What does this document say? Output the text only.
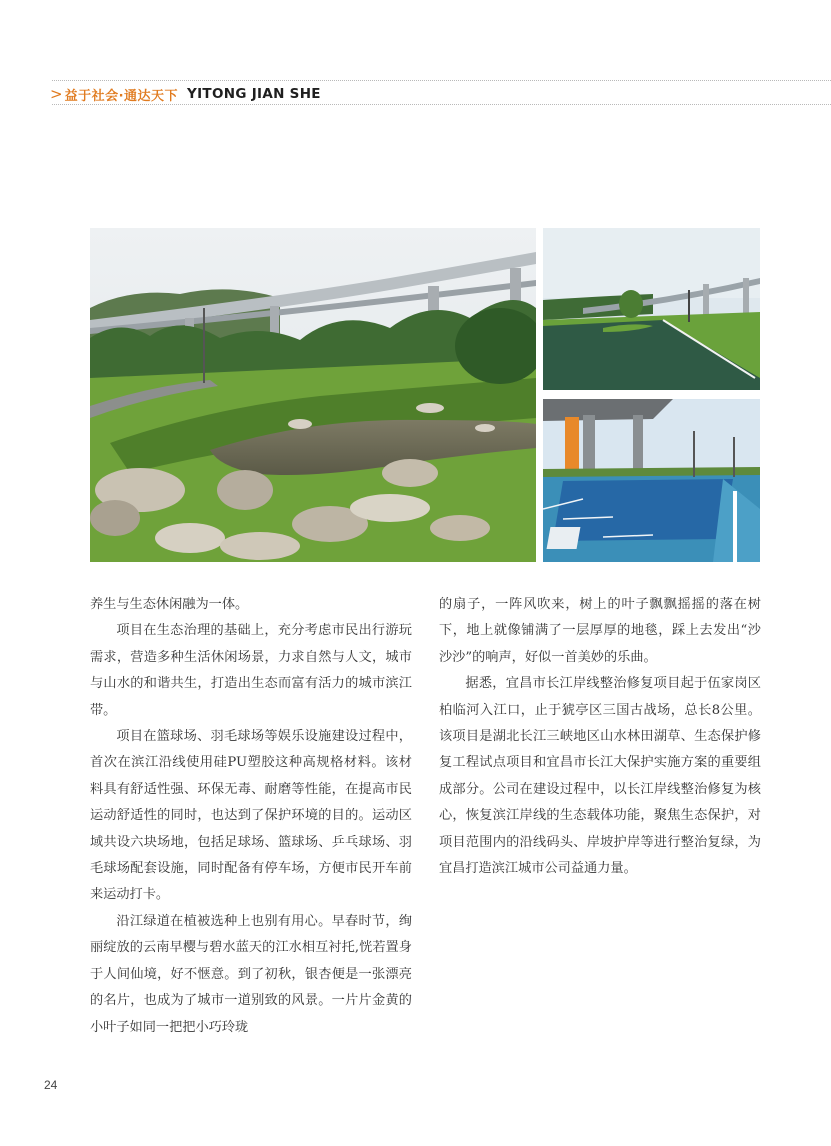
> 益于社会·通达天下 YITONG JIAN SHE

养生与生态休闲融为一体。

项目在生态治理的基础上，充分考虑市民出行游玩需求，营造多种生活休闲场景，力求自然与人文，城市与山水的和谐共生，打造出生态而富有活力的城市滨江带。

项目在篮球场、羽毛球场等娱乐设施建设过程中，首次在滨江沿线使用硅PU塑胶这种高规格材料。该材料具有舒适性强、环保无毒、耐磨等性能，在提高市民运动舒适性的同时，也达到了保护环境的目的。运动区域共设六块场地，包括足球场、篮球场、乒乓球场、羽毛球场配套设施，同时配备有停车场，方便市民开车前来运动打卡。

沿江绿道在植被选种上也别有用心。早春时节，绚丽绽放的云南早樱与碧水蓝天的江水相互衬托,恍若置身于人间仙境，好不惬意。到了初秋，银杏便是一张漂亮的名片，也成为了城市一道别致的风景。一片片金黄的小叶子如同一把把小巧玲珑

的扇子，一阵风吹来，树上的叶子飘飘摇摇的落在树下，地上就像铺满了一层厚厚的地毯，踩上去发出“沙沙沙”的响声，好似一首美妙的乐曲。

据悉，宜昌市长江岸线整治修复项目起于伍家岗区柏临河入江口，止于猇亭区三国古战场，总长8公里。该项目是湖北长江三峡地区山水林田湖草、生态保护修复工程试点项目和宜昌市长江大保护实施方案的重要组成部分。公司在建设过程中，以长江岸线整治修复为核心，恢复滨江岸线的生态载体功能，聚焦生态保护，对项目范围内的沿线码头、岸坡护岸等进行整治复绿，为宜昌打造滨江城市公司益通力量。

24
